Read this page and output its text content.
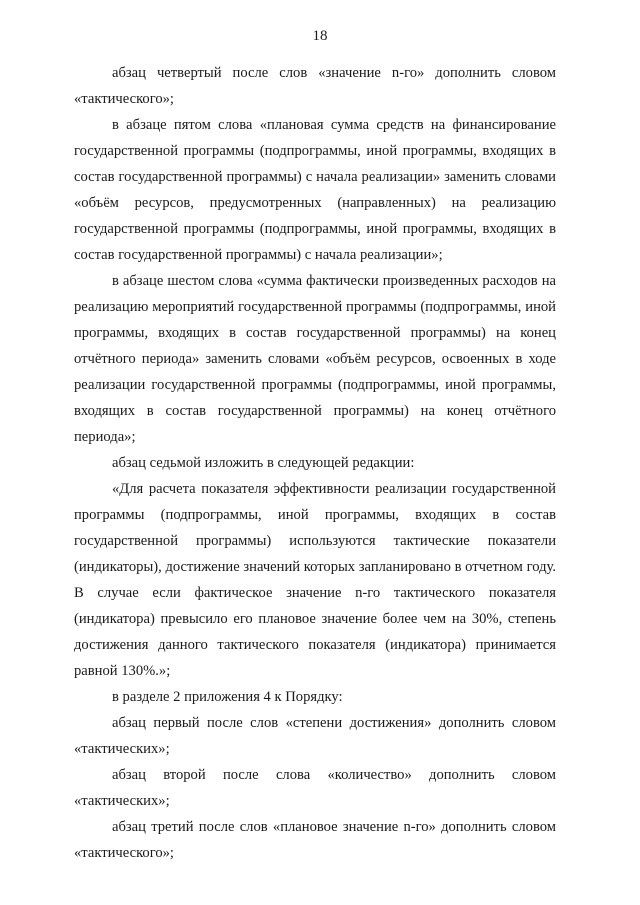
18

абзац четвертый после слов «значение n-го» дополнить словом «тактического»;

в абзаце пятом слова «плановая сумма средств на финансирование государственной программы (подпрограммы, иной программы, входящих в состав государственной программы) с начала реализации» заменить словами «объём ресурсов, предусмотренных (направленных) на реализацию государственной программы (подпрограммы, иной программы, входящих в состав государственной программы) с начала реализации»;

в абзаце шестом слова «сумма фактически произведенных расходов на реализацию мероприятий государственной программы (подпрограммы, иной программы, входящих в состав государственной программы) на конец отчётного периода» заменить словами «объём ресурсов, освоенных в ходе реализации государственной программы (подпрограммы, иной программы, входящих в состав государственной программы) на конец отчётного периода»;

абзац седьмой изложить в следующей редакции:

«Для расчета показателя эффективности реализации государственной программы (подпрограммы, иной программы, входящих в состав государственной программы) используются тактические показатели (индикаторы), достижение значений которых запланировано в отчетном году. В случае если фактическое значение n-го тактического показателя (индикатора) превысило его плановое значение более чем на 30%, степень достижения данного тактического показателя (индикатора) принимается равной 130%.»;

в разделе 2 приложения 4 к Порядку:

абзац первый после слов «степени достижения» дополнить словом «тактических»;

абзац второй после слова «количество» дополнить словом «тактических»;

абзац третий после слов «плановое значение n-го» дополнить словом «тактического»;
